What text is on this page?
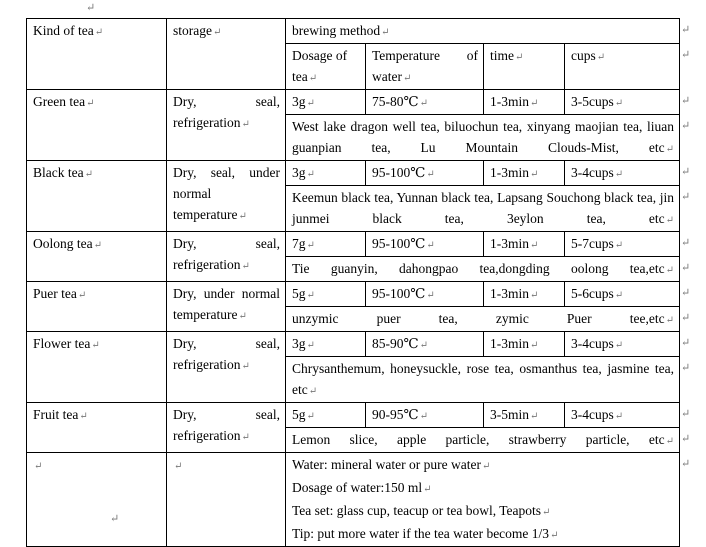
↵
Kind of tea↵	storage↵	brewing method↵			
		Dosage of tea↵	Temperature of water↵	time↵	cups↵
Green tea↵	Dry, seal, refrigeration↵	3g↵	75-80℃↵	1-3min↵	3-5cups↵
		West lake dragon well tea, biluochun tea, xinyang maojian tea, liuan guanpian tea, Lu Mountain Clouds-Mist, etc↵			
Black tea↵	Dry, seal, under normal temperature↵	3g↵	95-100℃↵	1-3min↵	3-4cups↵
		Keemun black tea, Yunnan black tea, Lapsang Souchong black tea, jin junmei black tea, 3eylon tea, etc↵			
Oolong tea↵	Dry, seal, refrigeration↵	7g↵	95-100℃↵	1-3min↵	5-7cups↵
		Tie guanyin, dahongpao tea,dongding oolong tea,etc↵			
Puer tea↵	Dry, under normal temperature↵	5g↵	95-100℃↵	1-3min↵	5-6cups↵
		unzymic puer tea, zymic Puer tee,etc↵			
Flower tea↵	Dry, seal, refrigeration↵	3g↵	85-90℃↵	1-3min↵	3-4cups↵
		Chrysanthemum, honeysuckle, rose tea, osmanthus tea, jasmine tea, etc↵			
Fruit tea↵	Dry, seal, refrigeration↵	5g↵	90-95℃↵	3-5min↵	3-4cups↵
		Lemon slice, apple particle, strawberry particle, etc↵			
↵	↵	Water: mineral water or pure water↵
Dosage of water:150 ml↵
Tea set: glass cup, teacup or tea bowl, Teapots↵
Tip: put more water if the tea water become 1/3↵			
↵
↵
↵
↵
↵
↵
↵
↵
↵
↵
↵
↵
↵
↵
↵
↵
